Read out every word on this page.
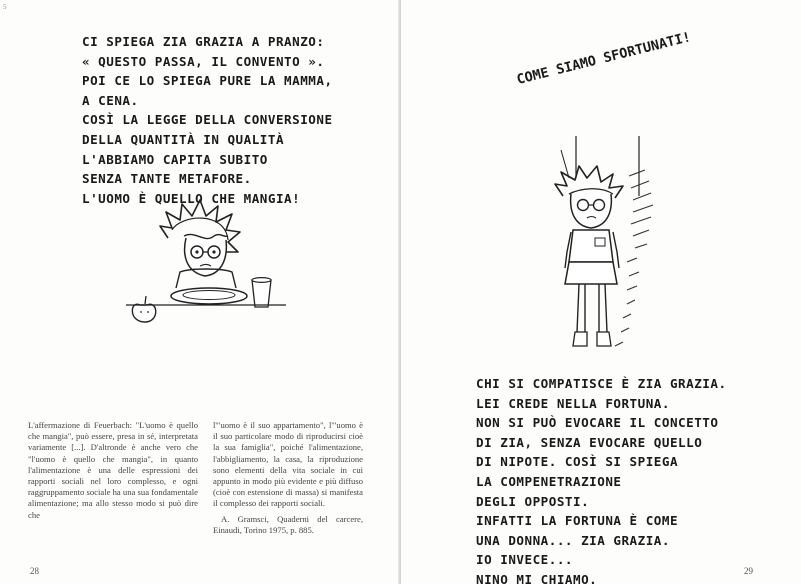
5
CI SPIEGA ZIA GRAZIA A PRANZO:
« QUESTO PASSA, IL CONVENTO ».
POI CE LO SPIEGA PURE LA MAMMA,
A CENA.
COSÌ LA LEGGE DELLA CONVERSIONE
DELLA QUANTITÀ IN QUALITÀ
L'ABBIAMO CAPITA SUBITO
SENZA TANTE METAFORE.
L'UOMO È QUELLO CHE MANGIA!

L'affermazione di Feuerbach: "L'uomo è quello che mangia", può essere, presa in sé, interpretata variamente [...]. D'altronde è anche vero che "l'uomo è quello che mangia", in quanto l'alimentazione è una delle espressioni dei rapporti sociali nel loro complesso, e ogni raggruppamento sociale ha una sua fondamentale alimentazione; ma allo stesso modo si può dire che

l'"uomo è il suo appartamento", l'"uomo è il suo particolare modo di riproducirsi cioè la sua famiglia", poiché l'alimentazione, l'abbigliamento, la casa, la riproduzione sono elementi della vita sociale in cui appunto in modo più evidente e più diffuso (cioè con estensione di massa) si manifesta il complesso dei rapporti sociali.

A. Gramsci, Quaderni del carcere, Einaudi, Torino 1975, p. 885.
28
COME SIAMO SFORTUNATI!
CHI SI COMPATISCE È ZIA GRAZIA.
LEI CREDE NELLA FORTUNA.
NON SI PUÒ EVOCARE IL CONCETTO
DI ZIA, SENZA EVOCARE QUELLO
DI NIPOTE. COSÌ SI SPIEGA
LA COMPENETRAZIONE
DEGLI OPPOSTI.
INFATTI LA FORTUNA È COME
UNA DONNA... ZIA GRAZIA.
IO INVECE...
NINO MI CHIAMO.
29
